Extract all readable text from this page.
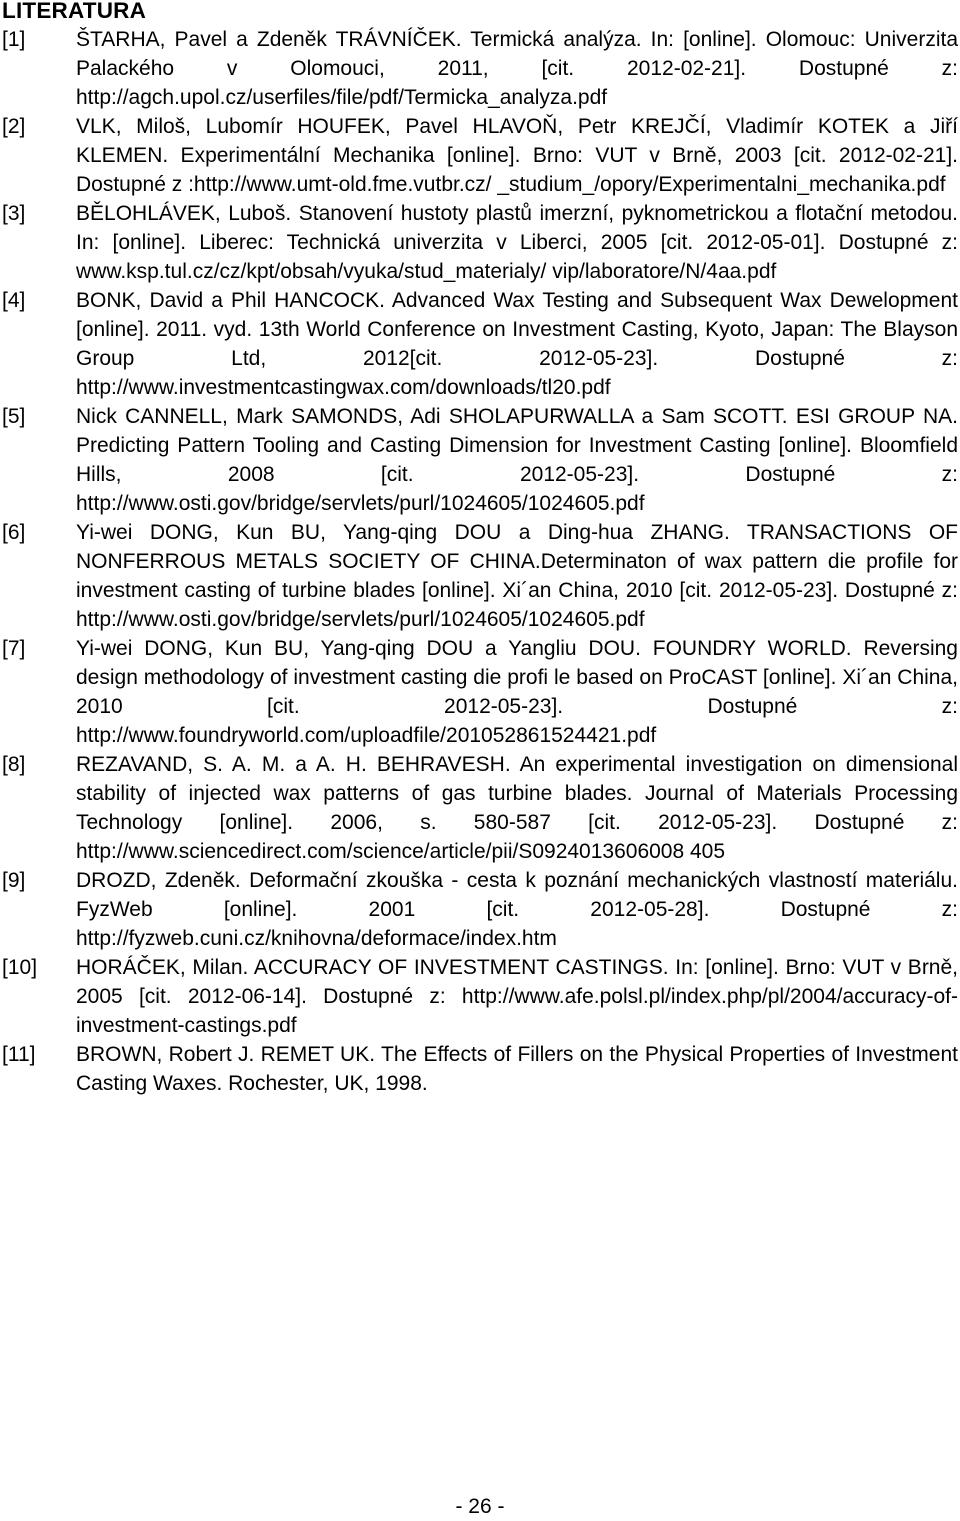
LITERATURA
[1] ŠTARHA, Pavel a Zdeněk TRÁVNÍČEK. Termická analýza. In: [online]. Olomouc: Univerzita Palackého v Olomouci, 2011, [cit. 2012-02-21]. Dostupné z: http://agch.upol.cz/userfiles/file/pdf/Termicka_analyza.pdf
[2] VLK, Miloš, Lubomír HOUFEK, Pavel HLAVOŇ, Petr KREJČÍ, Vladimír KOTEK a Jiří KLEMEN. Experimentální Mechanika [online]. Brno: VUT v Brně, 2003 [cit. 2012-02-21]. Dostupné z :http://www.umt-old.fme.vutbr.cz/ _studium_/opory/Experimentalni_mechanika.pdf
[3] BĚLOHLÁVEK, Luboš. Stanovení hustoty plastů imerzní, pyknometrickou a flotační metodou. In: [online]. Liberec: Technická univerzita v Liberci, 2005 [cit. 2012-05-01]. Dostupné z: www.ksp.tul.cz/cz/kpt/obsah/vyuka/stud_materialy/ vip/laboratore/N/4aa.pdf
[4] BONK, David a Phil HANCOCK. Advanced Wax Testing and Subsequent Wax Dewelopment [online]. 2011. vyd. 13th World Conference on Investment Casting, Kyoto, Japan: The Blayson Group Ltd, 2012[cit. 2012-05-23]. Dostupné z: http://www.investmentcastingwax.com/downloads/tl20.pdf
[5] Nick CANNELL, Mark SAMONDS, Adi SHOLAPURWALLA a Sam SCOTT. ESI GROUP NA. Predicting Pattern Tooling and Casting Dimension for Investment Casting [online]. Bloomfield Hills, 2008 [cit. 2012-05-23]. Dostupné z: http://www.osti.gov/bridge/servlets/purl/1024605/1024605.pdf
[6] Yi-wei DONG, Kun BU, Yang-qing DOU a Ding-hua ZHANG. TRANSACTIONS OF NONFERROUS METALS SOCIETY OF CHINA.Determinaton of wax pattern die profile for investment casting of turbine blades [online]. Xi´an China, 2010 [cit. 2012-05-23]. Dostupné z: http://www.osti.gov/bridge/servlets/purl/1024605/1024605.pdf
[7] Yi-wei DONG, Kun BU, Yang-qing DOU a Yangliu DOU. FOUNDRY WORLD. Reversing design methodology of investment casting die profi le based on ProCAST [online]. Xi´an China, 2010 [cit. 2012-05-23]. Dostupné z: http://www.foundryworld.com/uploadfile/201052861524421.pdf
[8] REZAVAND, S. A. M. a A. H. BEHRAVESH. An experimental investigation on dimensional stability of injected wax patterns of gas turbine blades. Journal of Materials Processing Technology [online]. 2006, s. 580-587 [cit. 2012-05-23]. Dostupné z: http://www.sciencedirect.com/science/article/pii/S0924013606008 405
[9] DROZD, Zdeněk. Deformační zkouška - cesta k poznání mechanických vlastností materiálu. FyzWeb [online]. 2001 [cit. 2012-05-28]. Dostupné z: http://fyzweb.cuni.cz/knihovna/deformace/index.htm
[10] HORÁČEK, Milan. ACCURACY OF INVESTMENT CASTINGS. In: [online]. Brno: VUT v Brně, 2005 [cit. 2012-06-14]. Dostupné z: http://www.afe.polsl.pl/index.php/pl/2004/accuracy-of-investment-castings.pdf
[11] BROWN, Robert J. REMET UK. The Effects of Fillers on the Physical Properties of Investment Casting Waxes. Rochester, UK, 1998.
- 26 -
